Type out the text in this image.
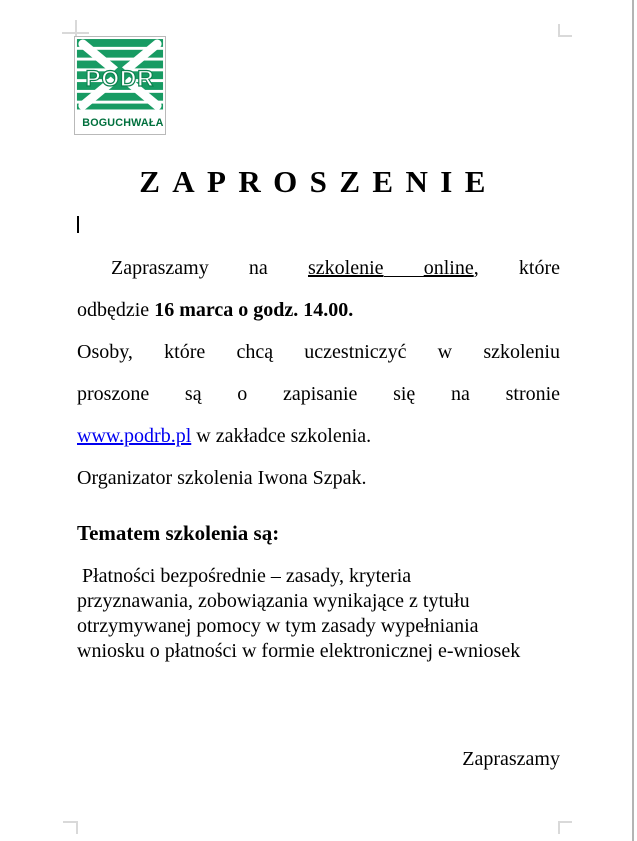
PODR
BOGUCHWAŁA
ZAPROSZENIE
Zapraszamy
na
szkolenie
online,
które
odbędzie 16 marca o godz. 14.00.
Osoby,
które
chcą
uczestniczyć
w
szkoleniu
proszone
są
o
zapisanie
się
na
stronie
www.podrb.pl w zakładce szkolenia.
Organizator szkolenia Iwona Szpak.
Tematem szkolenia są:
Płatności bezpośrednie – zasady, kryteria
przyznawania, zobowiązania wynikające z tytułu
otrzymywanej pomocy w tym zasady wypełniania
wniosku o płatności w formie elektronicznej e-wniosek
Zapraszamy
